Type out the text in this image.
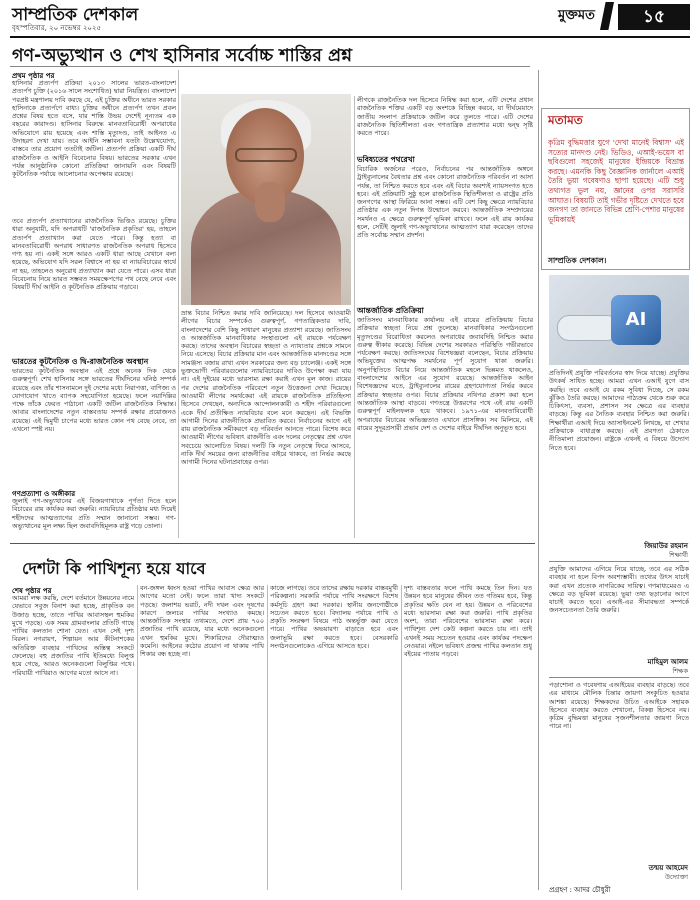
সাম্প্রতিক দেশকাল
বৃহস্পতিবার, ২০ নভেম্বর ২০২৫
মুক্তমত	১৫
গণ-অভ্যুত্থান ও শেখ হাসিনার সর্বোচ্চ শাস্তির প্রশ্ন
প্রথম পৃষ্ঠার পর
হাসিনার প্রত্যর্পণ প্রক্রিয়া ২০১৩ সালের ভারত-বাংলাদেশ প্রত্যর্পণ চুক্তি (২০১৬ সালে সংশোধিত) দ্বারা নিয়ন্ত্রিত। বাংলাদেশ পরপ্রষ্ট মন্ত্রণালয় দাবি করছে যে, এই চুক্তির অধীনে ভারত সরকার হাসিনাকে প্রত্যর্পণে বাধ্য। চুক্তির অধীনে প্রত্যর্পণ তখন প্রবল প্রশ্নের বিষয় হতে বসে, যার শাস্তি উভয় দেশেই নূন্যতম এক বছরের কারাদণ্ড। হাসিনার বিরুদ্ধে মানবতাবিরোধী অপরাধের অভিযোগে রায় হয়েছে এবং শাস্তি মৃত্যুদণ্ড, তাই আইনত এ উদাহরণ দেখা যায়। তবে আইনি সম্ভাবনা যতটা উল্লেখযোগ্য, বাস্তবে তার প্রয়োগ ততটাই জটিল। প্রত্যর্পণ প্রক্রিয়া একটি দীর্ঘ রাজনৈতিক ও আইনি বিবেচনার বিষয়। ভারতের সরকার এখন পর্যন্ত আনুষ্ঠানিক কোনো প্রতিক্রিয়া জানায়নি এবং বিষয়টি কূটনৈতিক পর্যায়ে আলোচনার অপেক্ষায় রয়েছে।
তবে প্রত্যর্পণ প্রত্যাখ্যানের রাজনৈতিক ভিত্তিও রয়েছে। চুক্তির ধারা অনুযায়ী, যদি অপরাধটি 'রাজনৈতিক প্রকৃতির' হয়, তাহলে প্রত্যর্পণ প্রত্যাখ্যান করা যেতে পারে। কিন্তু হত্যা বা মানবতাবিরোধী অপরাধ সাধারণত রাজনৈতিক অপরাধ হিসেবে গণ্য হয় না। একই সঙ্গে আরও একটি ধারা আছে যেখানে বলা হয়েছে, অভিযোগ যদি সরল বিশ্বাসে না হয় বা ন্যায়বিচারের স্বার্থে না হয়, তাহলেও অনুরোধ প্রত্যাখ্যান করা যেতে পারে। এসব ধারা বিবেচনায় নিয়ে ভারত সম্ভবত সময়ক্ষেপণের পথ বেছে নেবে এবং বিষয়টি দীর্ঘ আইনি ও কূটনৈতিক প্রক্রিয়ায় গড়াবে।
ভারতের কূটনৈতিক ও দ্বি-রাজনৈতিক অবস্থান
ভারতের কূটনৈতিক অবস্থান এই প্রশ্নে অনেক দিক থেকে গুরুত্বপূর্ণ। শেখ হাসিনার সঙ্গে ভারতের দীর্ঘদিনের ঘনিষ্ঠ সম্পর্ক রয়েছে এবং তাঁর শাসনামলে দুই দেশের মধ্যে নিরাপত্তা, বাণিজ্য ও যোগাযোগ খাতে ব্যাপক সহযোগিতা হয়েছে। ফলে নয়াদিল্লির পক্ষে তাঁকে ফেরত পাঠানো একটি জটিল রাজনৈতিক সিদ্ধান্ত। আবার বাংলাদেশের নতুন বাস্তবতায় সম্পর্ক রক্ষার প্রয়োজনও রয়েছে। এই দ্বিমুখী চাপের মধ্যে ভারত কোন পথ বেছে নেবে, তা এখনো স্পষ্ট নয়।
গণপ্রত্যাশা ও অঙ্গীকার
জুলাই গণ-অভ্যুত্থানের এই বিজয়গাথাকে পূর্ণতা দিতে হলে বিচারের রায় কার্যকর করা জরুরি। ন্যায়বিচার প্রতিষ্ঠার মধ্য দিয়েই শহীদদের আত্মত্যাগের প্রতি সম্মান জানানো সম্ভব। গণ-অভ্যুত্থানের মূল লক্ষ্য ছিল জবাবদিহিমূলক রাষ্ট্র গড়ে তোলা।
ভ্রান্ত বিচার নিশ্চিত করার দাবি জানিয়েছে। দল হিসেবে আওয়ামী লীগের বিচার সম্পর্কেও গুরুত্বপূর্ণ, গণতান্ত্রিকতার দাবি, বাংলাদেশের বেশি কিছু সাধারণ মানুষের প্রত্যাশা রয়েছে। জাতিসংঘ ও আন্তর্জাতিক মানবাধিকার সংস্থাগুলো এই রায়কে পর্যবেক্ষণ করছে। তাদের অবস্থান বিচারের স্বচ্ছতা ও ন্যায্যতার প্রশ্নকে সামনে নিয়ে এসেছে। বিচার প্রক্রিয়ার মান এবং আন্তর্জাতিক মানদণ্ডের সঙ্গে সামঞ্জস্য বজায় রাখা এখন সরকারের জন্য বড় চ্যালেঞ্জ। একই সঙ্গে ভুক্তভোগী পরিবারগুলোর ন্যায়বিচারের দাবিও উপেক্ষা করা যায় না। এই দুইয়ের মধ্যে ভারসাম্য রক্ষা করাই এখন মূল কাজ। রায়ের পর দেশের রাজনৈতিক পরিবেশে নতুন উত্তেজনা দেখা দিয়েছে। আওয়ামী লীগের সমর্থকেরা এই রায়কে রাজনৈতিক প্রতিহিংসা হিসেবে দেখছেন, অন্যদিকে আন্দোলনকারী ও শহীদ পরিবারগুলো একে দীর্ঘ প্রতীক্ষিত ন্যায়বিচার বলে মনে করছেন। এই বিভক্তি আগামী দিনের রাজনীতিকে প্রভাবিত করবে। নির্বাচনের আগে এই রায় রাজনৈতিক সমীকরণে বড় পরিবর্তন আনতে পারে। বিশেষ করে আওয়ামী লীগের ভবিষ্যৎ রাজনীতি এবং দলের নেতৃত্বের প্রশ্ন এখন সবচেয়ে আলোচিত বিষয়। দলটি কি নতুন নেতৃত্বে ফিরে আসবে, নাকি দীর্ঘ সময়ের জন্য রাজনীতির বাইরে থাকবে, তা নির্ভর করছে আগামী দিনের ঘটনাপ্রবাহের ওপর।
লীগকে রাজনৈতিক দল হিসেবে নিষিদ্ধ করা হলে, এটি দেশের প্রধান রাজনৈতিক শক্তির একটি বড় অংশকে বিচ্ছিন্ন করবে, যা দীর্ঘমেয়াদে জাতীয় সংলাপ প্রক্রিয়াকে জটিল করে তুলতে পারে। এটি দেশের রাজনৈতিক স্থিতিশীলতা এবং গণতান্ত্রিক প্রত্যাশার মধ্যে দ্বন্দ্ব সৃষ্টি করতে পারে।
ভবিষ্যতের পথরেখা
বিচারিক অর্জনের পরেও, নির্বাচনের পর আন্তর্জাতিক অঙ্গনে ট্রাইব্যুনালের বৈধতার প্রশ্ন এবং কোনো রাজনৈতিক পরিবর্তন না আসা পর্যন্ত, তা নিশ্চিত করতে হবে এবং এই বিচার অবশ্যই ন্যায়সংগত হতে হবে। এই প্রক্রিয়াটি সুষ্ঠু হলে রাজনৈতিক স্থিতিশীলতা ও রাষ্ট্রের প্রতি জনগণের আস্থা ফিরিয়ে আনা সম্ভব। এটি বেশ কিছু ক্ষেত্রে ন্যায়বিচার প্রতিষ্ঠার এক নতুন দিগন্ত উন্মোচন করবে। আন্তর্জাতিক সম্প্রদায়ের সমর্থনও এ ক্ষেত্রে গুরুত্বপূর্ণ ভূমিকা রাখবে। ফলে এই রায় কার্যকর হলে, সেটিই জুলাই গণ-অভ্যুত্থানের আত্মত্যাগ যারা করেছেন তাদের প্রতি সর্বোচ্চ সম্মান প্রদর্শন।
আন্তর্জাতিক প্রতিক্রিয়া
জাতিসংঘ মানবাধিকার কার্যালয় এই রায়ের প্রতিক্রিয়ায় বিচার প্রক্রিয়ার স্বচ্ছতা নিয়ে প্রশ্ন তুলেছে। মানবাধিকার সংগঠনগুলো মৃত্যুদণ্ডের বিরোধিতা করলেও অপরাধের জবাবদিহি নিশ্চিত করার গুরুত্ব স্বীকার করেছে। বিভিন্ন দেশের সরকারও পরিস্থিতি গভীরভাবে পর্যবেক্ষণ করছে। জাতিসংঘের বিশেষজ্ঞরা বলেছেন, বিচার প্রক্রিয়ায় অভিযুক্তের আত্মপক্ষ সমর্থনের পূর্ণ সুযোগ থাকা জরুরি। অনুপস্থিতিতে বিচার নিয়ে আন্তর্জাতিক মহলে ভিন্নমত থাকলেও, বাংলাদেশের আইনে এর সুযোগ রয়েছে। আন্তর্জাতিক আইন বিশেষজ্ঞদের মতে, ট্রাইব্যুনালের রায়ের গ্রহণযোগ্যতা নির্ভর করবে প্রক্রিয়ার স্বচ্ছতার ওপর। বিচার প্রক্রিয়ার নথিপত্র প্রকাশ করা হলে আন্তর্জাতিক আস্থা বাড়বে। গণতন্ত্রে উত্তরণের পথে এই রায় একটি গুরুত্বপূর্ণ মাইলফলক হয়ে থাকবে। ১৯৭১-এর মানবতাবিরোধী অপরাধের বিচারের অভিজ্ঞতাও এখানে প্রাসঙ্গিক। সব মিলিয়ে, এই রায়ের সুদূরপ্রসারী প্রভাব দেশ ও দেশের বাইরে দীর্ঘদিন অনুভূত হবে।
দেশটা কি পাখিশূন্য হয়ে যাবে
শেষ পৃষ্ঠার পর
আমরা লক্ষ করছি, দেশে বর্তমানে উন্নয়নের নামে যেভাবে সবুজ বিনাশ করা হচ্ছে, প্রাকৃতিক বন উজাড় হচ্ছে, তাতে পাখির আবাসস্থল হুমকির মুখে পড়ছে। এক সময় গ্রামবাংলার প্রতিটি গাছে পাখির কলতান শোনা যেত। এখন সেই দৃশ্য বিরল। নগরায়ণ, শিল্পায়ন আর কীটনাশকের অতিরিক্ত ব্যবহার পাখিদের অস্তিত্ব সংকটে ফেলেছে। বহু প্রজাতির পাখি ইতিমধ্যে বিলুপ্ত হয়ে গেছে, আরও অনেকগুলো বিলুপ্তির পথে। পরিযায়ী পাখিরাও আগের মতো আসে না।
বন-জঙ্গল ধ্বংস হওয়া পাখির আবাস ক্ষেত্র আর আগের মতো নেই। ফলে তারা খাদ্য সংকটে পড়ছে। জলাশয় ভরাট, নদী দখল এবং দূষণের কারণে জলচর পাখির সংখ্যাও কমছে। আন্তর্জাতিক সংস্থার তথ্যমতে, দেশে প্রায় ৭০০ প্রজাতির পাখি রয়েছে, যার মধ্যে অনেকগুলো এখন হুমকির মুখে। শিকারিদের দৌরাত্ম্যও কমেনি। আইনের কঠোর প্রয়োগ না থাকায় পাখি শিকার বন্ধ হচ্ছে না।
কাজে লাগছে। তবে তাদের রক্ষায় দরকার বাস্তবমুখী পরিকল্পনা। সরকারি পর্যায়ে পাখি সংরক্ষণে বিশেষ কর্মসূচি গ্রহণ করা দরকার। স্থানীয় জনগোষ্ঠীকে সচেতন করতে হবে। বিদ্যালয় পর্যায়ে পাখি ও প্রকৃতি সংরক্ষণ বিষয়ে পাঠ অন্তর্ভুক্ত করা যেতে পারে। পাখির অভয়ারণ্য বাড়াতে হবে এবং জলাভূমি রক্ষা করতে হবে। বেসরকারি সংগঠনগুলোকেও এগিয়ে আসতে হবে।
দৃশ্য বাস্তবতার ফলে পাখি কমছে তিন দিন। যত উন্নয়ন হবে মানুষের জীবন তত গতিময় হবে, কিন্তু প্রকৃতির ক্ষতি যেন না হয়। উন্নয়ন ও পরিবেশের মধ্যে ভারসাম্য রক্ষা করা জরুরি। পাখি প্রকৃতির অংশ, তারা পরিবেশের ভারসাম্য রক্ষা করে। পাখিশূন্য দেশ কেউ কল্পনা করতে চায় না। তাই এখনই সময় সচেতন হওয়ার এবং কার্যকর পদক্ষেপ নেওয়ার। নইলে ভবিষ্যৎ প্রজন্ম পাখির কলতান শুধু বইয়ের পাতায় পড়বে।
মতামত
কৃত্রিম বুদ্ধিমত্তার যুগে 'দেখা মানেই বিশ্বাস' এই সত্যের মানদণ্ড নেই। ভিডিও, এআই-ভয়েস বা ছবিগুলো সহজেই মানুষের ইন্দ্রিয়কে বিভ্রান্ত করছে। এমনকি কিছু বৈজ্ঞানিক জার্নালে এআই তৈরি ভুয়া গবেষণাও ছাপা হয়েছে। এটি শুধু তথ্যগত ভুল নয়, জ্ঞানের ওপর সরাসরি আঘাত। বিষয়টি তাই গভীর দৃষ্টিতে দেখতে হবে জনগণ তা জানতে বিভিন্ন শ্রেণি-পেশার মানুষের ভূমিকায়ই
সাম্প্রতিক দেশকাল।
AI
প্রতিদিনই প্রযুক্তি পরিবর্তনের স্বাদ দিয়ে যাচ্ছে। প্রযুক্তির উৎকর্ষ সাধিত হচ্ছে। আমরা এখন এআই যুগে বাস করছি। তবে এআই যে রকম সুবিধা দিচ্ছে, সে রকম ঝুঁকিও তৈরি করছে। আমাদের পাঠ্যক্রম থেকে শুরু করে চিকিৎসা, ব্যবসা, প্রশাসন সব ক্ষেত্রে এর ব্যবহার বাড়ছে। কিন্তু এর নৈতিক ব্যবহার নিশ্চিত করা জরুরি। শিক্ষার্থীরা এআই দিয়ে অ্যাসাইনমেন্ট লিখছে, যা শেখার প্রক্রিয়াকে বাধাগ্রস্ত করছে। এই প্রবণতা ঠেকাতে নীতিমালা প্রয়োজন। রাষ্ট্রকে এখনই এ বিষয়ে উদ্যোগ নিতে হবে।
জিয়াউর রহমান
শিক্ষার্থী
প্রযুক্তি আমাদের এগিয়ে নিয়ে যাচ্ছে, তবে এর সঠিক ব্যবহার না হলে বিপদ অবশ্যম্ভাবী। তথ্যের উৎস যাচাই করা এখন প্রত্যেক নাগরিকের দায়িত্ব। গণমাধ্যমেরও এ ক্ষেত্রে বড় ভূমিকা রয়েছে। ভুয়া তথ্য ছড়ানোর আগে যাচাই করতে হবে। এআই-এর সীমাবদ্ধতা সম্পর্কে জনসচেতনতা তৈরি জরুরি।
মাহিমুল আলম
শিক্ষক
পড়াশোনা ও গবেষণায় এআইয়ের ব্যবহার বাড়ছে। তবে এর মাধ্যমে মৌলিক চিন্তার জায়গা সংকুচিত হওয়ার আশঙ্কা রয়েছে। শিক্ষকদের উচিত এআইকে সহায়ক হিসেবে ব্যবহার করতে শেখানো, বিকল্প হিসেবে নয়। কৃত্রিম বুদ্ধিমত্তা মানুষের সৃজনশীলতার জায়গা নিতে পারে না।
তন্ময় আহমেদ
উদ্যোক্তা
প্রগ্রহণ : আদর চৌধুরী
